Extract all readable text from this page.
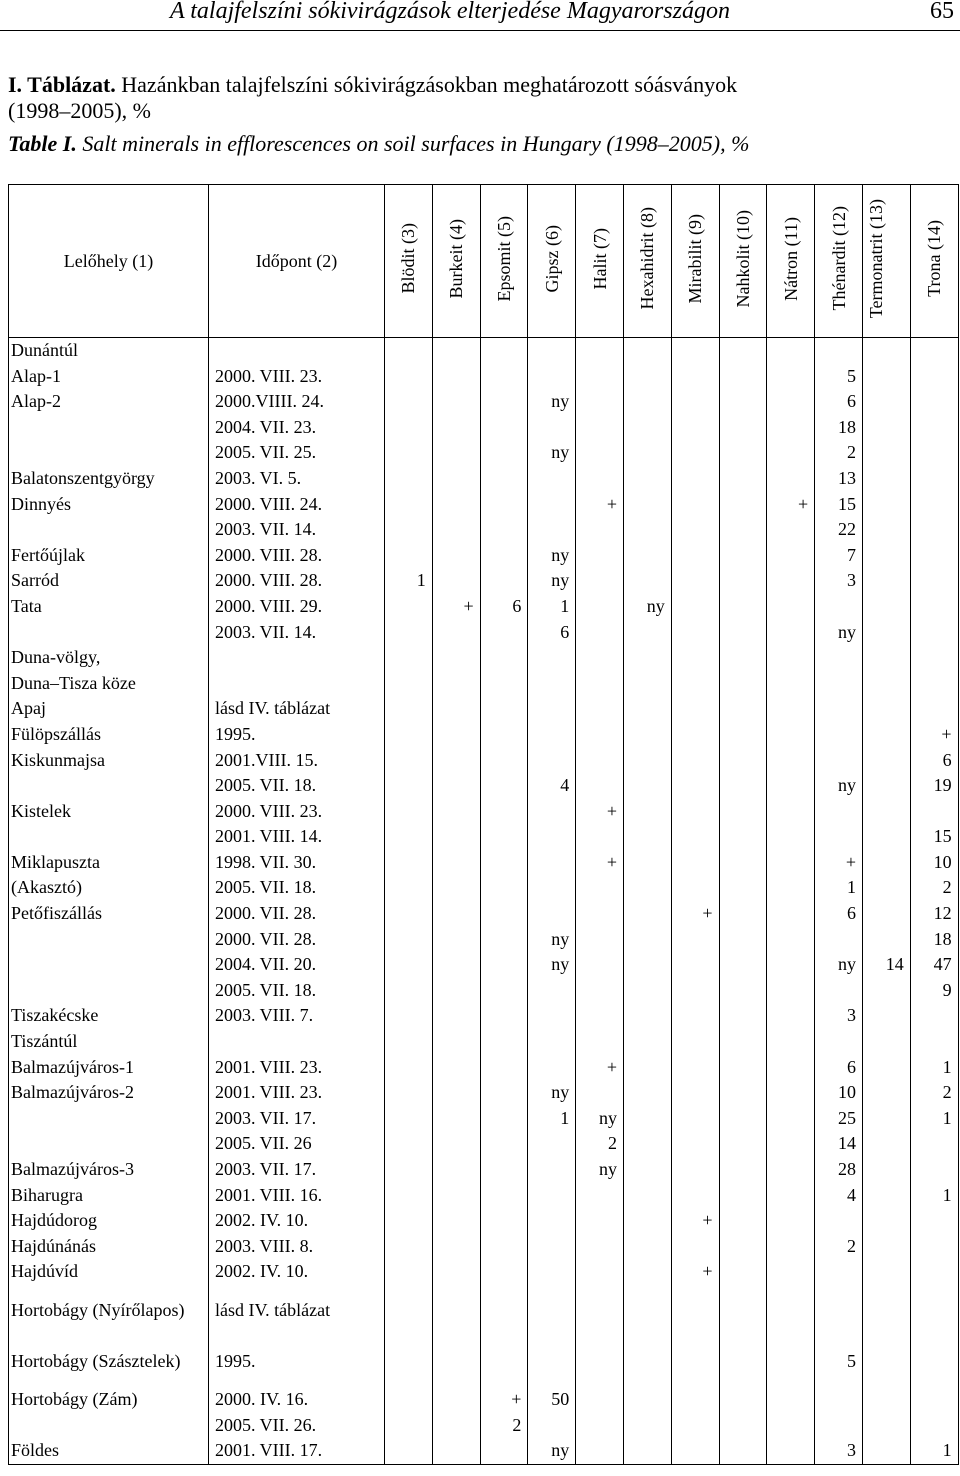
A talajfelszíni sókivirágzások elterjedése Magyarországon	65
I. Táblázat. Hazánkban talajfelszíni sókivirágzásokban meghatározott sóásványok
(1998–2005), %
Table I. Salt minerals in efflorescences on soil surfaces in Hungary (1998–2005), %
Lelőhely (1)	Időpont (2)	Blödit (3)	Burkeit (4)	Epsomit (5)	Gipsz (6)	Halit (7)	Hexahidrit (8)	Mirabilit (9)	Nahkolit (10)	Nátron (11)	Thénardit (12)	Termonatrit (13)	Trona (14)
Dunántúl													
Alap-1	2000. VIII. 23.										5		
Alap-2	2000.VIIII. 24.				ny						6		
	2004. VII. 23.										18		
	2005. VII. 25.				ny						2		
Balatonszentgyörgy	2003. VI. 5.										13		
Dinnyés	2000. VIII. 24.					+				+	15		
	2003. VII. 14.										22		
Fertőújlak	2000. VIII. 28.				ny						7		
Sarród	2000. VIII. 28.	1			ny						3		
Tata	2000. VIII. 29.		+	6	1		ny						
	2003. VII. 14.				6						ny		
Duna-völgy,													
Duna–Tisza köze													
Apaj	lásd IV. táblázat												
Fülöpszállás	1995.												+
Kiskunmajsa	2001.VIII. 15.												6
	2005. VII. 18.				4						ny		19
Kistelek	2000. VIII. 23.					+							
	2001. VIII. 14.												15
Miklapuszta	1998. VII. 30.					+					+		10
(Akasztó)	2005. VII. 18.										1		2
Petőfiszállás	2000. VII. 28.							+			6		12
	2000. VII. 28.				ny								18
	2004. VII. 20.				ny						ny	14	47
	2005. VII. 18.												9
Tiszakécske	2003. VIII. 7.										3		
Tiszántúl													
Balmazújváros-1	2001. VIII. 23.					+					6		1
Balmazújváros-2	2001. VIII. 23.				ny						10		2
	2003. VII. 17.				1	ny					25		1
	2005. VII. 26					2					14		
Balmazújváros-3	2003. VII. 17.					ny					28		
Biharugra	2001. VIII. 16.										4		1
Hajdúdorog	2002. IV. 10.							+					
Hajdúnánás	2003. VIII. 8.										2		
Hajdúvíd	2002. IV. 10.							+					
Hortobágy (Nyírőlapos)	lásd IV. táblázat												
Hortobágy (Szásztelek)	1995.										5		
Hortobágy (Zám)	2000. IV. 16.			+	50								
	2005. VII. 26.			2									
Földes	2001. VIII. 17.				ny						3		1
